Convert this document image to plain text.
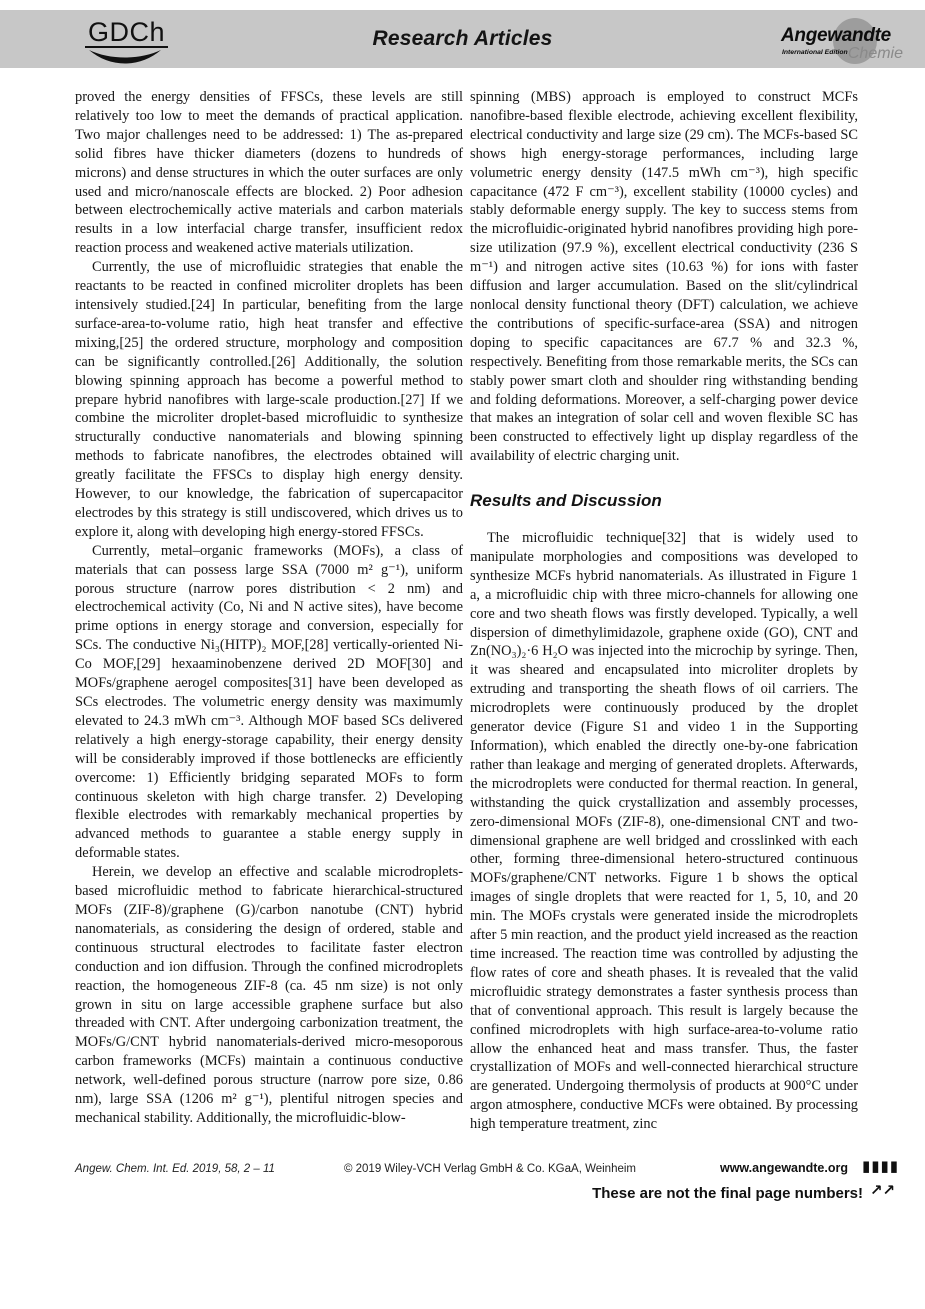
GDCh	Research Articles	Angewandte
International Edition Chemie

proved the energy densities of FFSCs, these levels are still relatively too low to meet the demands of practical application. Two major challenges need to be addressed: 1) The as-prepared solid fibres have thicker diameters (dozens to hundreds of microns) and dense structures in which the outer surfaces are only used and micro/nanoscale effects are blocked. 2) Poor adhesion between electrochemically active materials and carbon materials results in a low interfacial charge transfer, insufficient redox reaction process and weakened active materials utilization.

Currently, the use of microfluidic strategies that enable the reactants to be reacted in confined microliter droplets has been intensively studied.[24] In particular, benefiting from the large surface-area-to-volume ratio, high heat transfer and effective mixing,[25] the ordered structure, morphology and composition can be significantly controlled.[26] Additionally, the solution blowing spinning approach has become a powerful method to prepare hybrid nanofibres with large-scale production.[27] If we combine the microliter droplet-based microfluidic to synthesize structurally conductive nanomaterials and blowing spinning methods to fabricate nanofibres, the electrodes obtained will greatly facilitate the FFSCs to display high energy density. However, to our knowledge, the fabrication of supercapacitor electrodes by this strategy is still undiscovered, which drives us to explore it, along with developing high energy-stored FFSCs.

Currently, metal–organic frameworks (MOFs), a class of materials that can possess large SSA (7000 m² g⁻¹), uniform porous structure (narrow pores distribution < 2 nm) and electrochemical activity (Co, Ni and N active sites), have become prime options in energy storage and conversion, especially for SCs. The conductive Ni₃(HITP)₂ MOF,[28] vertically-oriented Ni-Co MOF,[29] hexaaminobenzene derived 2D MOF[30] and MOFs/graphene aerogel composites[31] have been developed as SCs electrodes. The volumetric energy density was maximumly elevated to 24.3 mWh cm⁻³. Although MOF based SCs delivered relatively a high energy-storage capability, their energy density will be considerably improved if those bottlenecks are efficiently overcome: 1) Efficiently bridging separated MOFs to form continuous skeleton with high charge transfer. 2) Developing flexible electrodes with remarkably mechanical properties by advanced methods to guarantee a stable energy supply in deformable states.

Herein, we develop an effective and scalable microdroplets-based microfluidic method to fabricate hierarchical-structured MOFs (ZIF-8)/graphene (G)/carbon nanotube (CNT) hybrid nanomaterials, as considering the design of ordered, stable and continuous structural electrodes to facilitate faster electron conduction and ion diffusion. Through the confined microdroplets reaction, the homogeneous ZIF-8 (ca. 45 nm size) is not only grown in situ on large accessible graphene surface but also threaded with CNT. After undergoing carbonization treatment, the MOFs/G/CNT hybrid nanomaterials-derived micro-mesoporous carbon frameworks (MCFs) maintain a continuous conductive network, well-defined porous structure (narrow pore size, 0.86 nm), large SSA (1206 m² g⁻¹), plentiful nitrogen species and mechanical stability. Additionally, the microfluidic-blow-

spinning (MBS) approach is employed to construct MCFs nanofibre-based flexible electrode, achieving excellent flexibility, electrical conductivity and large size (29 cm). The MCFs-based SC shows high energy-storage performances, including large volumetric energy density (147.5 mWh cm⁻³), high specific capacitance (472 F cm⁻³), excellent stability (10000 cycles) and stably deformable energy supply. The key to success stems from the microfluidic-originated hybrid nanofibres providing high pore-size utilization (97.9 %), excellent electrical conductivity (236 S m⁻¹) and nitrogen active sites (10.63 %) for ions with faster diffusion and larger accumulation. Based on the slit/cylindrical nonlocal density functional theory (DFT) calculation, we achieve the contributions of specific-surface-area (SSA) and nitrogen doping to specific capacitances are 67.7 % and 32.3 %, respectively. Benefiting from those remarkable merits, the SCs can stably power smart cloth and shoulder ring withstanding bending and folding deformations. Moreover, a self-charging power device that makes an integration of solar cell and woven flexible SC has been constructed to effectively light up display regardless of the availability of electric charging unit.

Results and Discussion

The microfluidic technique[32] that is widely used to manipulate morphologies and compositions was developed to synthesize MCFs hybrid nanomaterials. As illustrated in Figure 1 a, a microfluidic chip with three micro-channels for allowing one core and two sheath flows was firstly developed. Typically, a well dispersion of dimethylimidazole, graphene oxide (GO), CNT and Zn(NO₃)₂·6 H₂O was injected into the microchip by syringe. Then, it was sheared and encapsulated into microliter droplets by extruding and transporting the sheath flows of oil carriers. The microdroplets were continuously produced by the droplet generator device (Figure S1 and video 1 in the Supporting Information), which enabled the directly one-by-one fabrication rather than leakage and merging of generated droplets. Afterwards, the microdroplets were conducted for thermal reaction. In general, withstanding the quick crystallization and assembly processes, zero-dimensional MOFs (ZIF-8), one-dimensional CNT and two-dimensional graphene are well bridged and crosslinked with each other, forming three-dimensional hetero-structured continuous MOFs/graphene/CNT networks. Figure 1 b shows the optical images of single droplets that were reacted for 1, 5, 10, and 20 min. The MOFs crystals were generated inside the microdroplets after 5 min reaction, and the product yield increased as the reaction time increased. The reaction time was controlled by adjusting the flow rates of core and sheath phases. It is revealed that the valid microfluidic strategy demonstrates a faster synthesis process than that of conventional approach. This result is largely because the confined microdroplets with high surface-area-to-volume ratio allow the enhanced heat and mass transfer. Thus, the faster crystallization of MOFs and well-connected hierarchical structure are generated. Undergoing thermolysis of products at 900°C under argon atmosphere, conductive MCFs were obtained. By processing high temperature treatment, zinc

Angew. Chem. Int. Ed. 2019, 58, 2 – 11	© 2019 Wiley-VCH Verlag GmbH & Co. KGaA, Weinheim	www.angewandte.org ▮▮▮▮
These are not the final page numbers! ↗↗
